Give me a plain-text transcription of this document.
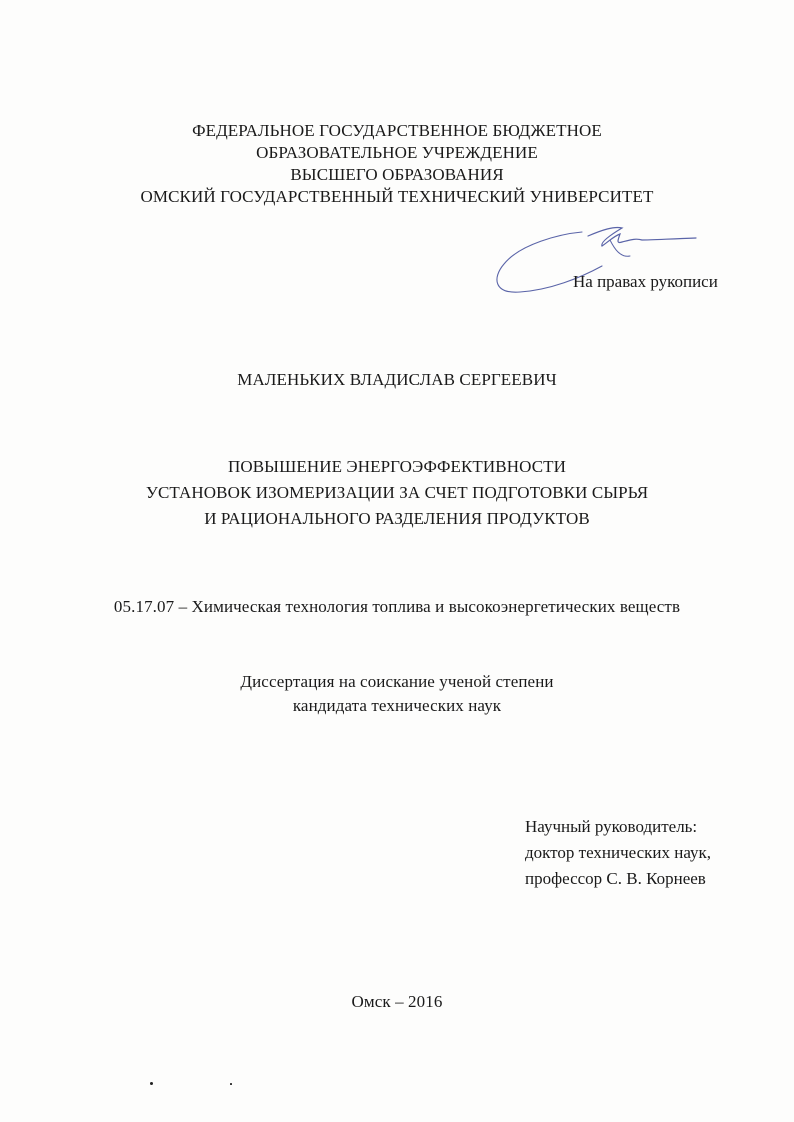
ФЕДЕРАЛЬНОЕ ГОСУДАРСТВЕННОЕ БЮДЖЕТНОЕ
ОБРАЗОВАТЕЛЬНОЕ УЧРЕЖДЕНИЕ
ВЫСШЕГО ОБРАЗОВАНИЯ
ОМСКИЙ ГОСУДАРСТВЕННЫЙ ТЕХНИЧЕСКИЙ УНИВЕРСИТЕТ
На правах рукописи
МАЛЕНЬКИХ ВЛАДИСЛАВ СЕРГЕЕВИЧ
ПОВЫШЕНИЕ ЭНЕРГОЭФФЕКТИВНОСТИ
УСТАНОВОК ИЗОМЕРИЗАЦИИ ЗА СЧЕТ ПОДГОТОВКИ СЫРЬЯ
И РАЦИОНАЛЬНОГО РАЗДЕЛЕНИЯ ПРОДУКТОВ
05.17.07 – Химическая технология топлива и высокоэнергетических веществ
Диссертация на соискание ученой степени
кандидата технических наук
Научный руководитель:
доктор технических наук,
профессор С. В. Корнеев
Омск – 2016
